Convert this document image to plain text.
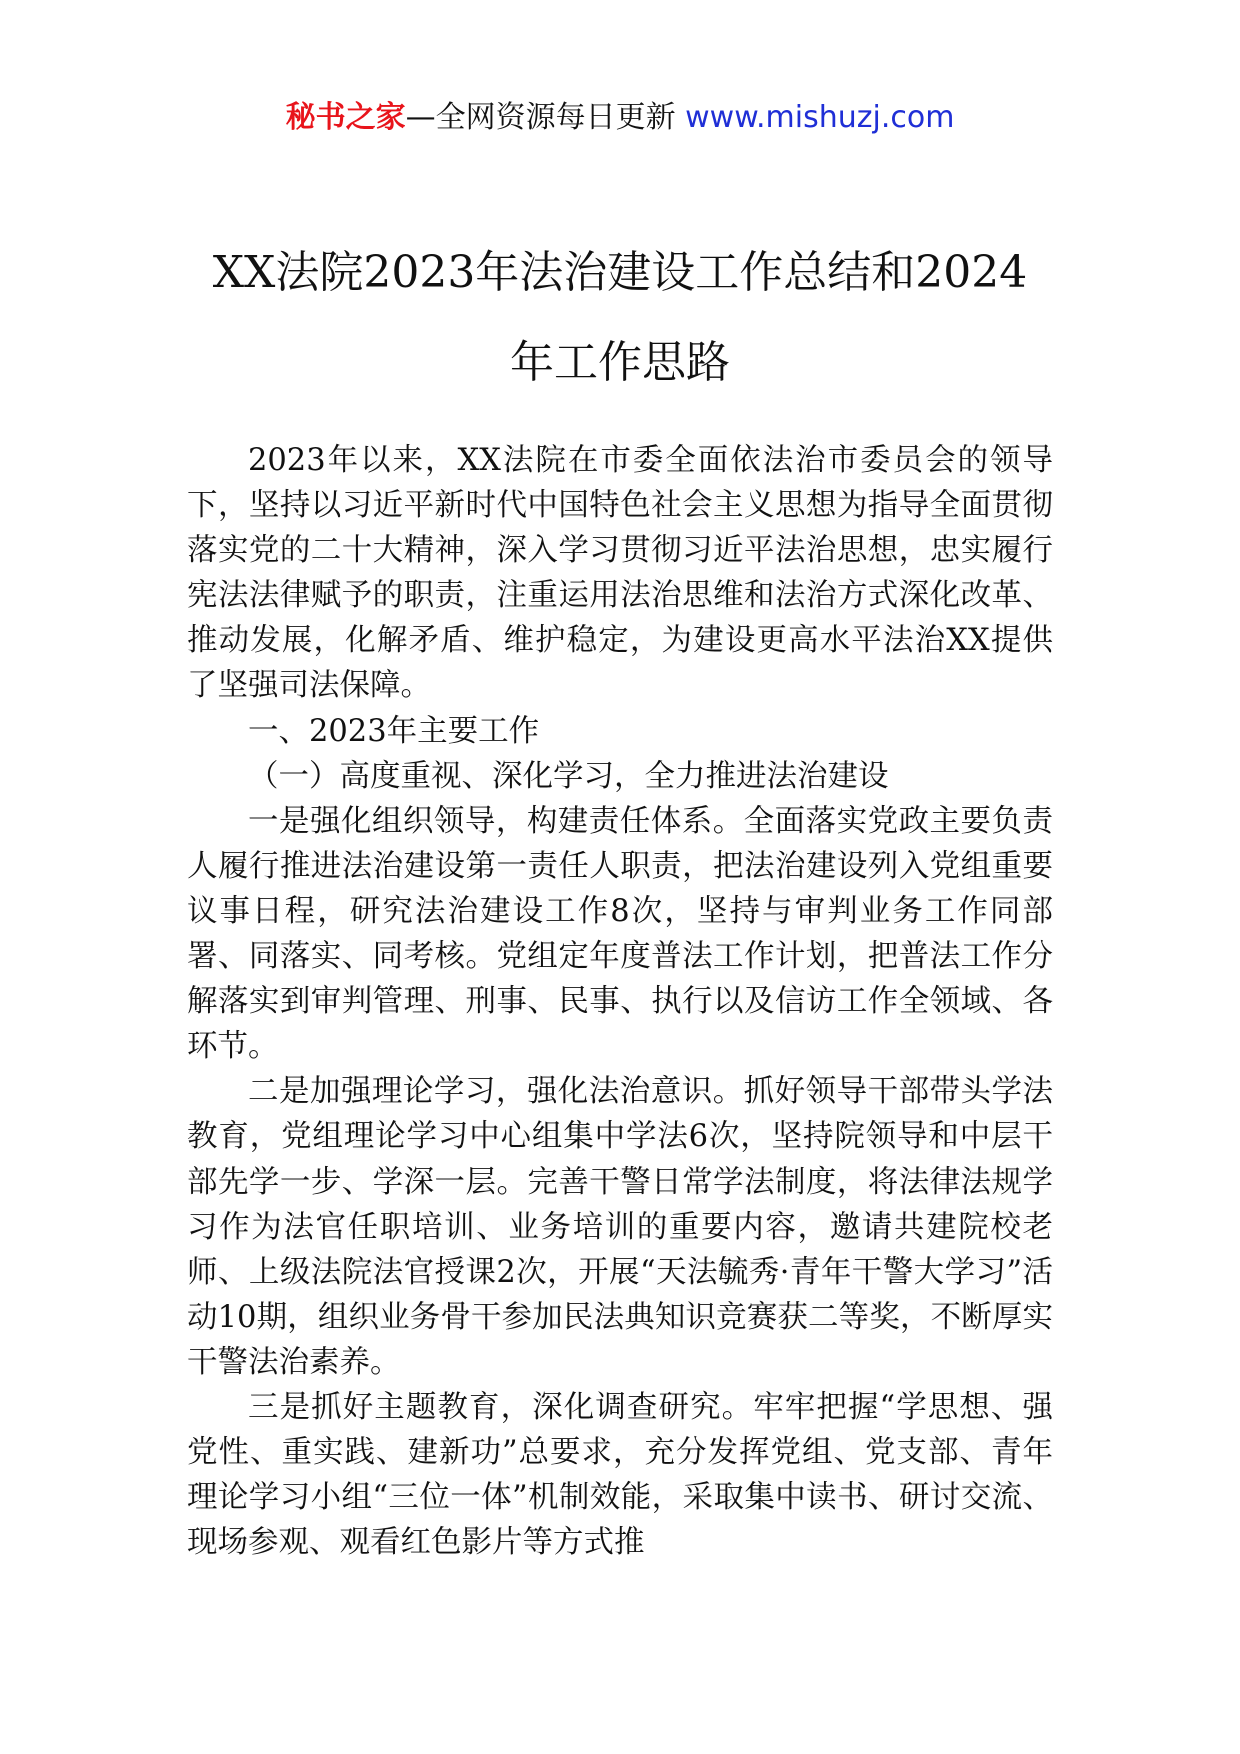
秘书之家—全网资源每日更新 www.mishuzj.com
XX法院2023年法治建设工作总结和2024
年工作思路

2023年以来，XX法院在市委全面依法治市委员会的领导下，坚持以习近平新时代中国特色社会主义思想为指导全面贯彻落实党的二十大精神，深入学习贯彻习近平法治思想，忠实履行宪法法律赋予的职责，注重运用法治思维和法治方式深化改革、推动发展，化解矛盾、维护稳定，为建设更高水平法治XX提供了坚强司法保障。

一、2023年主要工作

（一）高度重视、深化学习，全力推进法治建设

一是强化组织领导，构建责任体系。全面落实党政主要负责人履行推进法治建设第一责任人职责，把法治建设列入党组重要议事日程，研究法治建设工作8次，坚持与审判业务工作同部署、同落实、同考核。党组定年度普法工作计划，把普法工作分解落实到审判管理、刑事、民事、执行以及信访工作全领域、各环节。

二是加强理论学习，强化法治意识。抓好领导干部带头学法教育，党组理论学习中心组集中学法6次，坚持院领导和中层干部先学一步、学深一层。完善干警日常学法制度，将法律法规学习作为法官任职培训、业务培训的重要内容，邀请共建院校老师、上级法院法官授课2次，开展“天法毓秀·青年干警大学习”活动10期，组织业务骨干参加民法典知识竞赛获二等奖，不断厚实干警法治素养。

三是抓好主题教育，深化调查研究。牢牢把握“学思想、强党性、重实践、建新功”总要求，充分发挥党组、党支部、青年理论学习小组“三位一体”机制效能，采取集中读书、研讨交流、现场参观、观看红色影片等方式推
